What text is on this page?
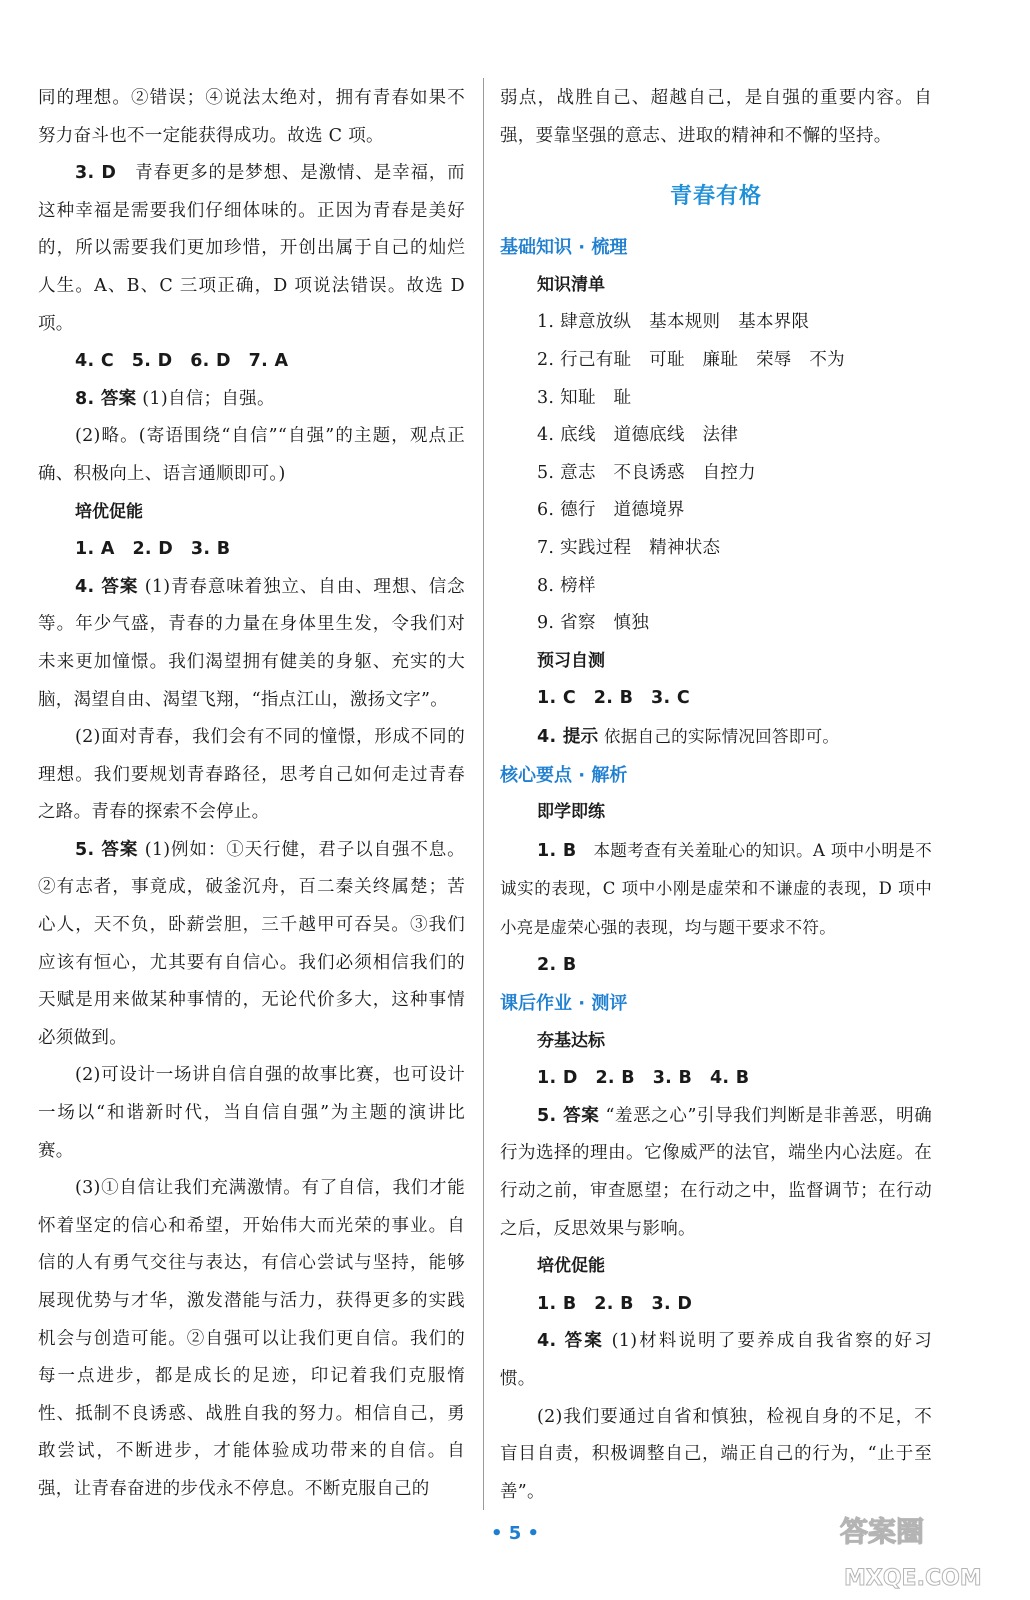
同的理想。②错误；④说法太绝对，拥有青春如果不努力奋斗也不一定能获得成功。故选 C 项。

3. D　青春更多的是梦想、是激情、是幸福，而这种幸福是需要我们仔细体味的。正因为青春是美好的，所以需要我们更加珍惜，开创出属于自己的灿烂人生。A、B、C 三项正确，D 项说法错误。故选 D 项。

4. C　5. D　6. D　7. A

8. 答案 (1)自信；自强。

(2)略。(寄语围绕“自信”“自强”的主题，观点正确、积极向上、语言通顺即可。)

培优促能

1. A　2. D　3. B

4. 答案 (1)青春意味着独立、自由、理想、信念等。年少气盛，青春的力量在身体里生发，令我们对未来更加憧憬。我们渴望拥有健美的身躯、充实的大脑，渴望自由、渴望飞翔，“指点江山，激扬文字”。

(2)面对青春，我们会有不同的憧憬，形成不同的理想。我们要规划青春路径，思考自己如何走过青春之路。青春的探索不会停止。

5. 答案 (1)例如：①天行健，君子以自强不息。②有志者，事竟成，破釜沉舟，百二秦关终属楚；苦心人，天不负，卧薪尝胆，三千越甲可吞吴。③我们应该有恒心，尤其要有自信心。我们必须相信我们的天赋是用来做某种事情的，无论代价多大，这种事情必须做到。

(2)可设计一场讲自信自强的故事比赛，也可设计一场以“和谐新时代，当自信自强”为主题的演讲比赛。

(3)①自信让我们充满激情。有了自信，我们才能怀着坚定的信心和希望，开始伟大而光荣的事业。自信的人有勇气交往与表达，有信心尝试与坚持，能够展现优势与才华，激发潜能与活力，获得更多的实践机会与创造可能。②自强可以让我们更自信。我们的每一点进步，都是成长的足迹，印记着我们克服惰性、抵制不良诱惑、战胜自我的努力。相信自己，勇敢尝试，不断进步，才能体验成功带来的自信。自强，让青春奋进的步伐永不停息。不断克服自己的

弱点，战胜自己、超越自己，是自强的重要内容。自强，要靠坚强的意志、进取的精神和不懈的坚持。

青春有格
基础知识 · 梳理
知识清单

1. 肆意放纵　基本规则　基本界限

2. 行己有耻　可耻　廉耻　荣辱　不为

3. 知耻　耻

4. 底线　道德底线　法律

5. 意志　不良诱惑　自控力

6. 德行　道德境界

7. 实践过程　精神状态

8. 榜样

9. 省察　慎独

预习自测

1. C　2. B　3. C

4. 提示 依据自己的实际情况回答即可。

核心要点 · 解析
即学即练

1. B　本题考查有关羞耻心的知识。A 项中小明是不诚实的表现，C 项中小刚是虚荣和不谦虚的表现，D 项中小亮是虚荣心强的表现，均与题干要求不符。

2. B

课后作业 · 测评
夯基达标

1. D　2. B　3. B　4. B

5. 答案 “羞恶之心”引导我们判断是非善恶，明确行为选择的理由。它像威严的法官，端坐内心法庭。在行动之前，审查愿望；在行动之中，监督调节；在行动之后，反思效果与影响。

培优促能

1. B　2. B　3. D

4. 答案 (1)材料说明了要养成自我省察的好习惯。

(2)我们要通过自省和慎独，检视自身的不足，不盲目自责，积极调整自己，端正自己的行为，“止于至善”。

• 5 •	答案圈
MXQE.COM
